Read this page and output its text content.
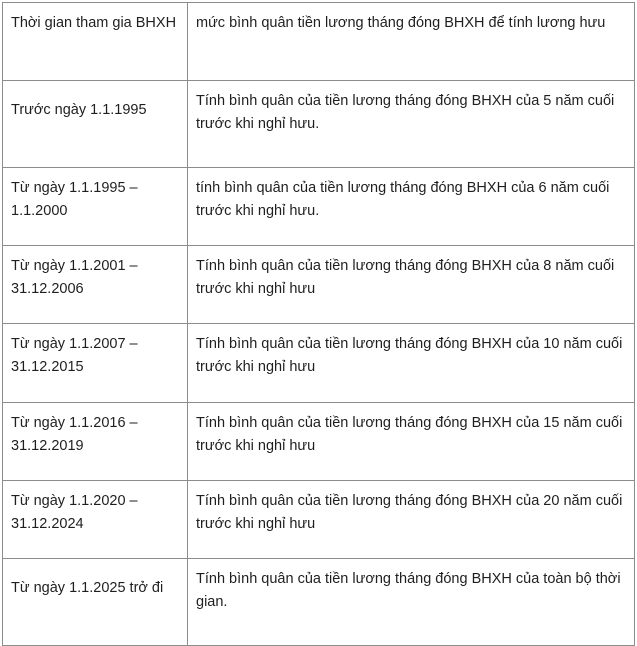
Thời gian tham gia BHXH	mức bình quân tiền lương tháng đóng BHXH để tính lương hưu
Trước ngày 1.1.1995	Tính bình quân của tiền lương tháng đóng BHXH của 5 năm cuối trước khi nghỉ hưu.
Từ ngày 1.1.1995 – 1.1.2000	tính bình quân của tiền lương tháng đóng BHXH của 6 năm cuối trước khi nghỉ hưu.
Từ ngày 1.1.2001 – 31.12.2006	Tính bình quân của tiền lương tháng đóng BHXH của 8 năm cuối trước khi nghỉ hưu
Từ ngày 1.1.2007 – 31.12.2015	Tính bình quân của tiền lương tháng đóng BHXH của 10 năm cuối trước khi nghỉ hưu
Từ ngày 1.1.2016 – 31.12.2019	Tính bình quân của tiền lương tháng đóng BHXH của 15 năm cuối trước khi nghỉ hưu
Từ ngày 1.1.2020 – 31.12.2024	Tính bình quân của tiền lương tháng đóng BHXH của 20 năm cuối trước khi nghỉ hưu
Từ ngày 1.1.2025 trở đi	Tính bình quân của tiền lương tháng đóng BHXH của toàn bộ thời gian.
